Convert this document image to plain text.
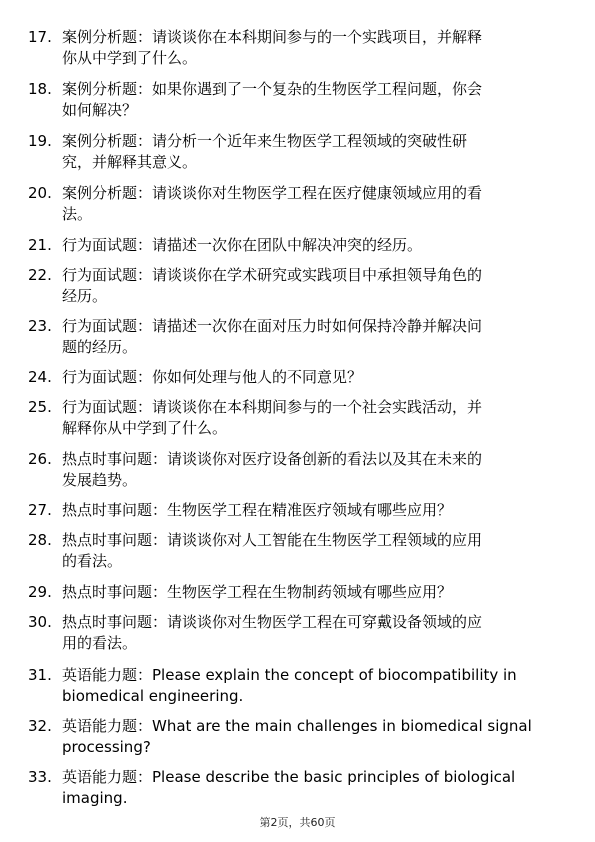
17. 案例分析题：请谈谈你在本科期间参与的一个实践项目，并解释
你从中学到了什么。
18. 案例分析题：如果你遇到了一个复杂的生物医学工程问题，你会
如何解决？
19. 案例分析题：请分析一个近年来生物医学工程领域的突破性研
究，并解释其意义。
20. 案例分析题：请谈谈你对生物医学工程在医疗健康领域应用的看
法。
21. 行为面试题：请描述一次你在团队中解决冲突的经历。
22. 行为面试题：请谈谈你在学术研究或实践项目中承担领导角色的
经历。
23. 行为面试题：请描述一次你在面对压力时如何保持冷静并解决问
题的经历。
24. 行为面试题：你如何处理与他人的不同意见？
25. 行为面试题：请谈谈你在本科期间参与的一个社会实践活动，并
解释你从中学到了什么。
26. 热点时事问题：请谈谈你对医疗设备创新的看法以及其在未来的
发展趋势。
27. 热点时事问题：生物医学工程在精准医疗领域有哪些应用？
28. 热点时事问题：请谈谈你对人工智能在生物医学工程领域的应用
的看法。
29. 热点时事问题：生物医学工程在生物制药领域有哪些应用？
30. 热点时事问题：请谈谈你对生物医学工程在可穿戴设备领域的应
用的看法。
31. 英语能力题：Please explain the concept of biocompatibility in
biomedical engineering.
32. 英语能力题：What are the main challenges in biomedical signal
processing?
33. 英语能力题：Please describe the basic principles of biological
imaging.
第2页，共60页
